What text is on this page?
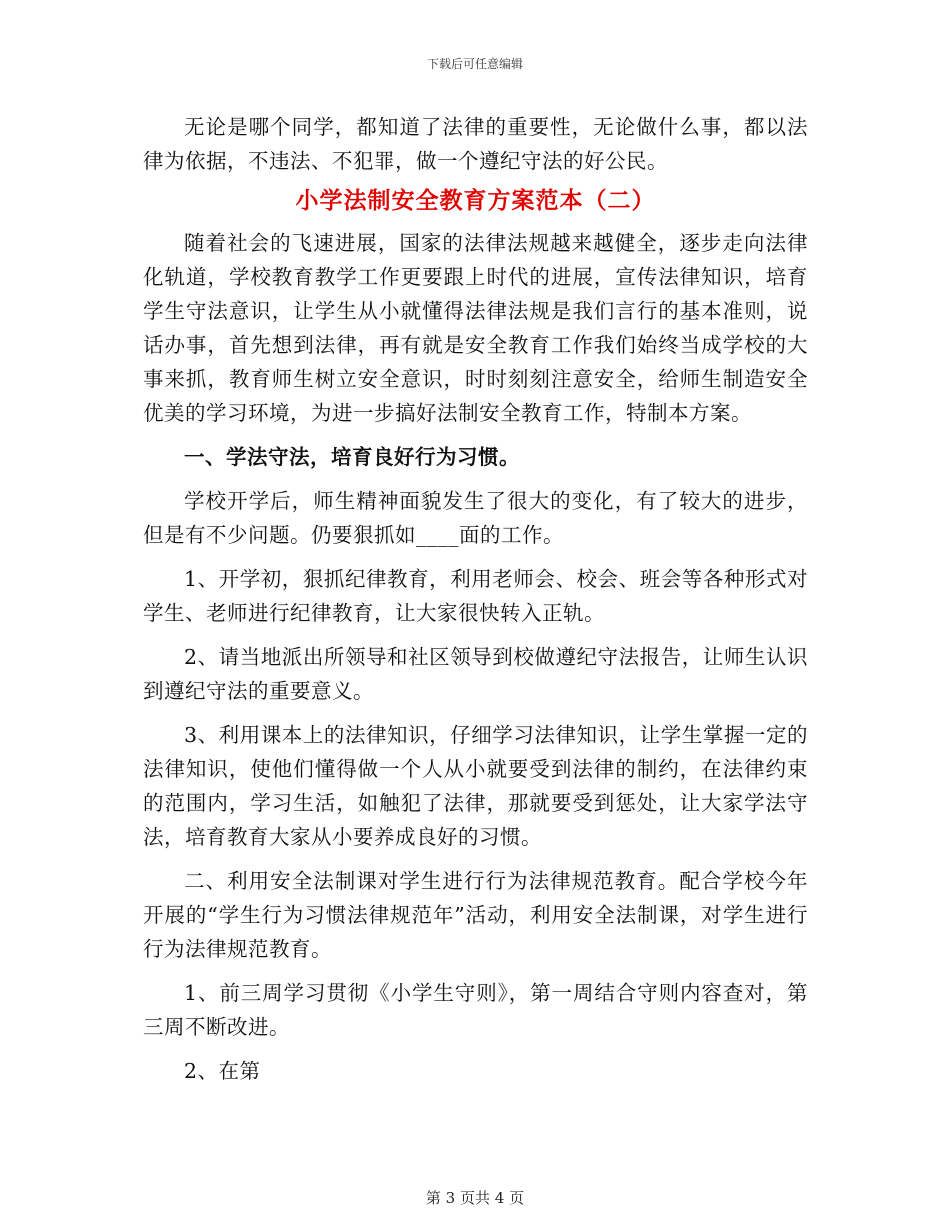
下载后可任意编辑

无论是哪个同学，都知道了法律的重要性，无论做什么事，都以法律为依据，不违法、不犯罪，做一个遵纪守法的好公民。

小学法制安全教育方案范本（二）

随着社会的飞速进展，国家的法律法规越来越健全，逐步走向法律化轨道，学校教育教学工作更要跟上时代的进展，宣传法律知识，培育学生守法意识，让学生从小就懂得法律法规是我们言行的基本准则，说话办事，首先想到法律，再有就是安全教育工作我们始终当成学校的大事来抓，教育师生树立安全意识，时时刻刻注意安全，给师生制造安全优美的学习环境，为进一步搞好法制安全教育工作，特制本方案。

一、学法守法，培育良好行为习惯。

学校开学后，师生精神面貌发生了很大的变化，有了较大的进步，但是有不少问题。仍要狠抓如____面的工作。

1、开学初，狠抓纪律教育，利用老师会、校会、班会等各种形式对学生、老师进行纪律教育，让大家很快转入正轨。

2、请当地派出所领导和社区领导到校做遵纪守法报告，让师生认识到遵纪守法的重要意义。

3、利用课本上的法律知识，仔细学习法律知识，让学生掌握一定的法律知识，使他们懂得做一个人从小就要受到法律的制约，在法律约束的范围内，学习生活，如触犯了法律，那就要受到惩处，让大家学法守法，培育教育大家从小要养成良好的习惯。

二、利用安全法制课对学生进行行为法律规范教育。配合学校今年开展的“学生行为习惯法律规范年”活动，利用安全法制课，对学生进行行为法律规范教育。

1、前三周学习贯彻《小学生守则》，第一周结合守则内容查对，第三周不断改进。

2、在第

第 3 页共 4 页
